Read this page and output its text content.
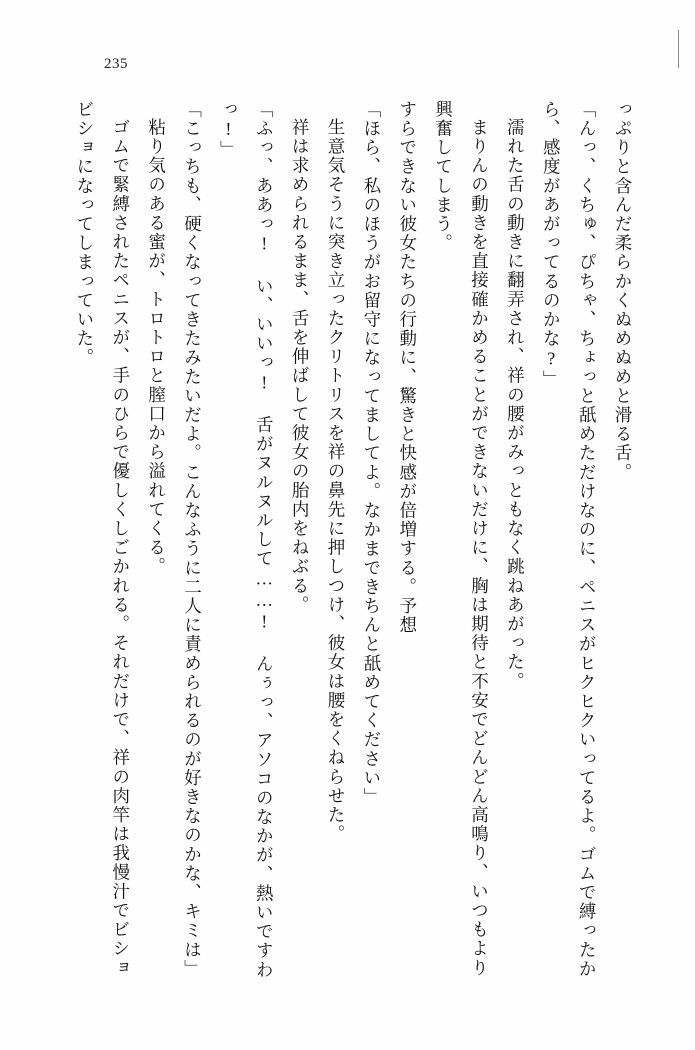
235

っぷりと含んだ柔らかくぬめぬめと滑る舌。

「んっ、くちゅ、ぴちゃ、ちょっと舐めただけなのに、ペニスがヒクヒクいってるよ。ゴムで縛ったから、感度があがってるのかな?」

濡れた舌の動きに翻弄され、祥の腰がみっともなく跳ねあがった。

まりんの動きを直接確かめることができないだけに、胸は期待と不安でどんどん高鳴り、いつもより興奮してしまう。

すらできない彼女たちの行動に、驚きと快感が倍増する。予想

「ほら、私のほうがお留守になってましてよ。なかまできちんと舐めてください」

生意気そうに突き立ったクリトリスを祥の鼻先に押しつけ、彼女は腰をくねらせた。

祥は求められるまま、舌を伸ばして彼女の胎内をねぶる。

「ふっ、ああっ! い、いいっ! 舌がヌルヌルして……! んぅっ、アソコのなかが、熱いですわっ!」

「こっちも、硬くなってきたみたいだよ。こんなふうに二人に責められるのが好きなのかな、キミは」

粘り気のある蜜が、トロトロと膣口から溢れてくる。

ゴムで緊縛されたペニスが、手のひらで優しくしごかれる。それだけで、祥の肉竿は我慢汁でビショビショになってしまっていた。
